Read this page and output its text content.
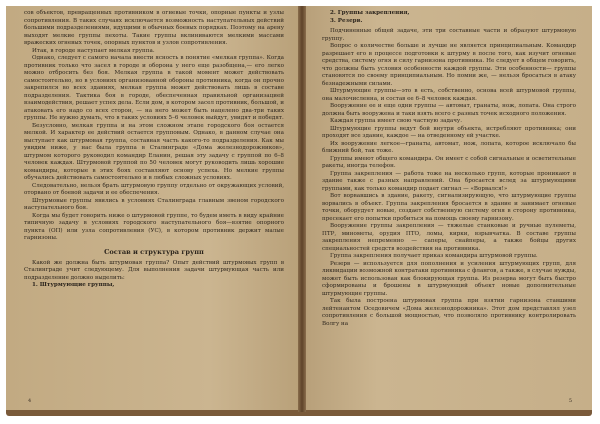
сов объектов, превращенных противником в огневые точки, опорные пункты и узлы сопротивления. В таких случаях исключается возможность наступательных действий большими подразделениями, идущими в обычных боевых порядках. Поэтому на арену выходят мелкие группы пехоты. Такие группы вклиниваются мелкими массами вражеских огневых точек, опорных пунктов и узлов сопротивления.

Итак, в городе наступает мелкая группа.

Однако, следует с самого начала внести ясность в понятие «мелкая группа». Когда противник только что засел в городе и оборона у него еще разобщена,— его легко можно отбросить без боя. Мелкая группа в такой момент может действовать самостоятельно, но в условиях организованной обороны противника, когда он прочно закрепился во всех зданиях, мелкая группа может действовать лишь в составе подразделения. Тактика боя в городе, обеспеченная правильной организацией взаимодействия, решает успех дела. Если дом, в котором засел противник, большой, и атаковать его надо со всех сторон, — на него может быть нацелено два-три таких группы. Не нужно думать, что в таких условиях 5–6 человек выйдут, увидят и победят.

Безусловно, мелкая группа и на этом сложном этапе городского боя остается мелкой. И характер ее действий остается групповым. Однако, в данном случае она выступает как штурмовая группа, составная часть какого-то подразделения. Как мы увидим ниже, у нас была группа в Сталинграде «Дома железнодорожников», штурмом которого руководил командир Еланин, решая эту задачу с группой по 6–8 человек каждая. Штурмовой группой по 50 человек могут руководить лишь хорошие командиры, которые в этих боях составляют основу успеха. Но мелкие группы обучались действовать самостоятельно и в любых сложных условиях.

Следовательно, нельзя брать штурмовую группу отдельно от окружающих условий, оторвано от боевой задачи и ее обеспечения.

Штурмовые группы явились в условиях Сталинграда главным звеном городского наступательного боя.

Когда мы будет говорить ниже о штурмовой группе, то будем иметь в виду крайние типичную задачу в условиях городского наступательного боя—взятие опорного пункта (ОП) или узла сопротивления (УС), в котором противник держит малые гарнизоны.

Состав и структура групп

Какой же должна быть штурмовая группа? Опыт действий штурмовых групп в Сталинграде учит следующему. Для выполнения задачи штурмующая часть или подразделение должно выделить:

1. Штурмующие группы,

4

2. Группы закрепления,

3. Резерв.

Подчиненные общей задаче, эти три составные части и образуют штурмовую группу.

Вопрос о количестве больше и лучше не является принципиальным. Командир разрешает его в процессе подготовки к штурму в после того, как изучит огневые средства, систему огня и силу гарнизона противника. Не следует в общем говорить, что должны быть условия особенности каждой группы. Эти особенности— группы становятся по своему принципиальным. Но помни же, — нельзя бросаться в атаку безнадежными силами.

Штурмующие группы—это в есть, собственно, основа всей штурмовой группы, она малочисленна, и состав ее 6–8 человек каждая.

Вооружение ее и еще одни группы — автомат, гранаты, нож, лопата. Она строго должна быть вооружена и таки взять всего с разных точек исходного положения.

Каждая группа имеет свою частную задачу.

Штурмующие группы ведут бой внутри объекта, истребляют противника; они проходят все здание, каждое — на отведенному ей участке.

Их вооружение легкое—гранаты, автомат, нож, лопата, которое исключало бы ближний бой, так тоже.

Группы имеют общего командира. Он имеет с собой сигнальные и осветительные ракеты, иногда телефон.

Группа закрепления — работа тоже на несколько групп, которые проникают в здание также с разных направлений. Она бросается вслед за штурмующими группами, как только командир подает сигнал — «Ворвался!»

Вот ворвавшись в здание, ракету, сигнализирующую, что штурмующие группы ворвались в объект. Группа закрепления бросается в здание и занимает огневые точки, оборудует новые, создает собственную систему огня в сторону противника, пресекает его попытки пробиться на помощь своему гарнизону.

Вооружение группы закрепления — тяжелые станковые и ручные пулеметы, ПТР, минометы, орудия ПТО, ломы, кирки, взрывчатка. В составе группы закрепления непременно — саперы, снайперы, а также бойцы других специальностей средств воздействия на противника.

Группа закрепления получает приказ командира штурмовой группы.

Резерв — используется для пополнения и усиления штурмующих групп, для ликвидации возможной контратаки противника с флангов, а также, в случае нужды, может быть использован как блокирующая группа. Из резерва могут быть быстро сформированы и брошены в штурмующий объект новые дополнительные штурмующие группы.

Так была построена штурмовая группа при взятии гарнизона ставшими лейтенантом Оседовичем «Дома железнодорожника». Этот дом представлял узел сопротивления с большой мощностью, что позволяло противнику контролировать Волгу на

5
